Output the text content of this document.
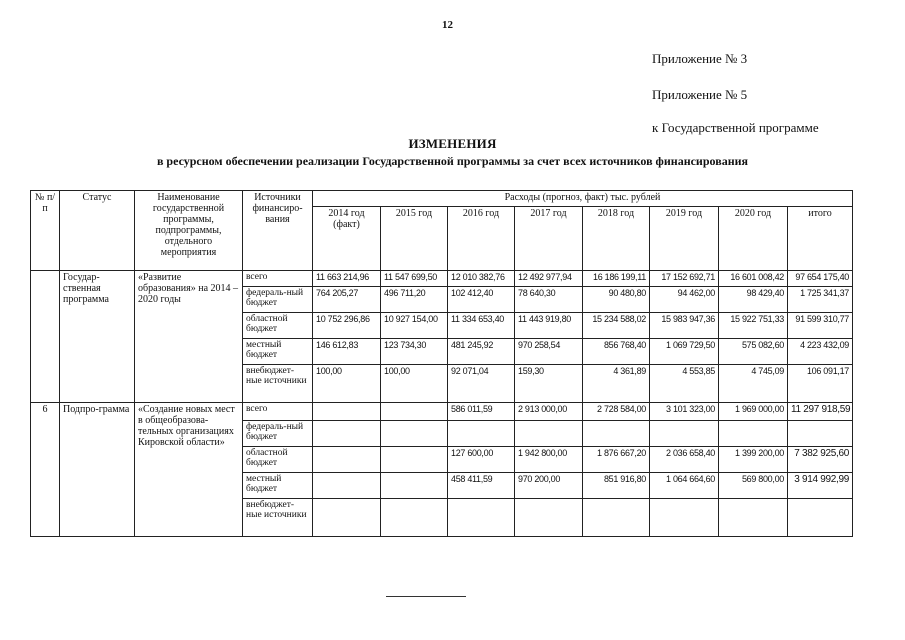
12
Приложение № 3
Приложение № 5
к Государственной программе
ИЗМЕНЕНИЯ
в ресурсном обеспечении реализации Государственной программы за счет всех источников финансирования
№ п/п	Статус	Наименование государственной программы, подпрограммы, отдельного мероприятия	Источники финансиро-вания	Расходы (прогноз, факт) тыс. рублей							
				2014 год (факт)	2015 год	2016 год	2017 год	2018 год	2019 год	2020 год	итого
	Государ-ственная программа	«Развитие образования» на 2014 – 2020 годы	всего	11 663 214,96	11 547 699,50	12 010 382,76	12 492 977,94	16 186 199,11	17 152 692,71	16 601 008,42	97 654 175,40
			федераль-ный бюджет	764 205,27	496 711,20	102 412,40	78 640,30	90 480,80	94 462,00	98 429,40	1 725 341,37
			областной бюджет	10 752 296,86	10 927 154,00	11 334 653,40	11 443 919,80	15 234 588,02	15 983 947,36	15 922 751,33	91 599 310,77
			местный бюджет	146 612,83	123 734,30	481 245,92	970 258,54	856 768,40	1 069 729,50	575 082,60	4 223 432,09
			внебюджет-ные источники	100,00	100,00	92 071,04	159,30	4 361,89	4 553,85	4 745,09	106 091,17
6	Подпро-грамма	«Создание новых мест в общеобразова-тельных организациях Кировской области»	всего			586 011,59	2 913 000,00	2 728 584,00	3 101 323,00	1 969 000,00	11 297 918,59
			федераль-ный бюджет								
			областной бюджет			127 600,00	1 942 800,00	1 876 667,20	2 036 658,40	1 399 200,00	7 382 925,60
			местный бюджет			458 411,59	970 200,00	851 916,80	1 064 664,60	569 800,00	3 914 992,99
			внебюджет-ные источники								
